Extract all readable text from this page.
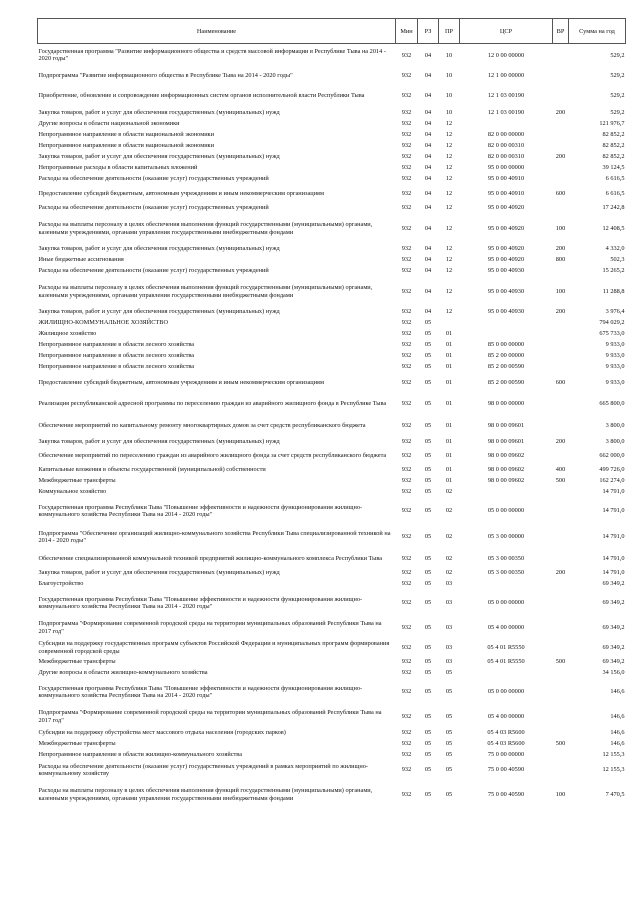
Наименование	Мин	РЗ	ПР	ЦСР	ВР	Сумма на год
Государственная программа "Развитие информационного общества и средств массовой информации в Республике Тыва на 2014 - 2020 годы"	932	04	10	12 0 00 00000		529,2
Подпрограмма "Развитие информационного общества в Республике Тыва на 2014 - 2020 годы"	932	04	10	12 1 00 00000		529,2
Приобретение, обновление и сопровождение информационных систем органов исполнительной власти Республики Тыва	932	04	10	12 1 03 00190		529,2
Закупка товаров, работ и услуг для обеспечения государственных (муниципальных) нужд	932	04	10	12 1 03 00190	200	529,2
Другие вопросы в области национальной экономики	932	04	12			121 976,7
Непрограммное направление в области национальной экономики	932	04	12	82 0 00 00000		82 852,2
Непрограммное направление в области национальной экономики	932	04	12	82 0 00 00310		82 852,2
Закупка товаров, работ и услуг для обеспечения государственных (муниципальных) нужд	932	04	12	82 0 00 00310	200	82 852,2
Непрограммные расходы в области капитальных вложений	932	04	12	95 0 00 00000		39 124,5
Расходы на обеспечение деятельности (оказание услуг) государственных учреждений	932	04	12	95 0 00 40910		6 616,5
Предоставление субсидий бюджетным, автономным учреждениям и иным некоммерческим организациям	932	04	12	95 0 00 40910	600	6 616,5
Расходы на обеспечение деятельности (оказание услуг) государственных учреждений	932	04	12	95 0 00 40920		17 242,8
Расходы на выплаты персоналу в целях обеспечения выполнения функций государственными (муниципальными) органами, казенными учреждениями, органами управления государственными внебюджетными фондами	932	04	12	95 0 00 40920	100	12 408,5
Закупка товаров, работ и услуг для обеспечения государственных (муниципальных) нужд	932	04	12	95 0 00 40920	200	4 332,0
Иные бюджетные ассигнования	932	04	12	95 0 00 40920	800	502,3
Расходы на обеспечение деятельности (оказание услуг) государственных учреждений	932	04	12	95 0 00 40930		15 265,2
Расходы на выплаты персоналу в целях обеспечения выполнения функций государственными (муниципальными) органами, казенными учреждениями, органами управления государственными внебюджетными фондами	932	04	12	95 0 00 40930	100	11 288,8
Закупка товаров, работ и услуг для обеспечения государственных (муниципальных) нужд	932	04	12	95 0 00 40930	200	3 976,4
ЖИЛИЩНО-КОММУНАЛЬНОЕ ХОЗЯЙСТВО	932	05				794 029,2
Жилищное хозяйство	932	05	01			675 733,0
Непрограммное направление в области лесного хозяйства	932	05	01	85 0 00 00000		9 933,0
Непрограммное направление в области лесного хозяйства	932	05	01	85 2 00 00000		9 933,0
Непрограммное направление в области лесного хозяйства	932	05	01	85 2 00 00590		9 933,0
Предоставление субсидий бюджетным, автономным учреждениям и иным некоммерческим организациям	932	05	01	85 2 00 00590	600	9 933,0
Реализация республиканской адресной программы по переселению граждан из аварийного жилищного фонда в Республике Тыва	932	05	01	98 0 00 00000		665 800,0
Обеспечение мероприятий по капитальному ремонту многоквартирных домов за счет средств республиканского бюджета	932	05	01	98 0 00 09601		3 800,0
Закупка товаров, работ и услуг для обеспечения государственных (муниципальных) нужд	932	05	01	98 0 00 09601	200	3 800,0
Обеспечение мероприятий по переселению граждан из аварийного жилищного фонда за счет средств республиканского бюджета	932	05	01	98 0 00 09602		662 000,0
Капитальные вложения в объекты государственной (муниципальной) собственности	932	05	01	98 0 00 09602	400	499 726,0
Межбюджетные трансферты	932	05	01	98 0 00 09602	500	162 274,0
Коммунальное хозяйство	932	05	02			14 791,0
Государственная программа Республики Тыва "Повышение эффективности и надежности функционирования жилищно-коммунального хозяйства Республики Тыва на 2014 - 2020 годы"	932	05	02	05 0 00 00000		14 791,0
Подпрограмма "Обеспечение организаций жилищно-коммунального хозяйства Республики Тыва специализированной техникой на 2014 - 2020 годы"	932	05	02	05 3 00 00000		14 791,0
Обеспечение специализированной коммунальной техникой предприятий жилищно-коммунального комплекса Республики Тыва	932	05	02	05 3 00 00350		14 791,0
Закупка товаров, работ и услуг для обеспечения государственных (муниципальных) нужд	932	05	02	05 3 00 00350	200	14 791,0
Благоустройство	932	05	03			69 349,2
Государственная программа Республики Тыва "Повышение эффективности и надежности функционирования жилищно-коммунального хозяйства Республики Тыва на 2014 - 2020 годы"	932	05	03	05 0 00 00000		69 349,2
Подпрограмма "Формирование современной городской среды на территории муниципальных образований Республики Тыва на 2017 год"	932	05	03	05 4 00 00000		69 349,2
Субсидии на поддержку государственных программ субъектов Российской Федерации и муниципальных программ формирования современной городской среды	932	05	03	05 4 01 R5550		69 349,2
Межбюджетные трансферты	932	05	03	05 4 01 R5550	500	69 349,2
Другие вопросы в области жилищно-коммунального хозяйства	932	05	05			34 156,0
Государственная программа Республики Тыва "Повышение эффективности и надежности функционирования жилищно-коммунального хозяйства Республики Тыва на 2014 - 2020 годы"	932	05	05	05 0 00 00000		146,6
Подпрограмма "Формирование современной городской среды на территории муниципальных образований Республики Тыва на 2017 год"	932	05	05	05 4 00 00000		146,6
Субсидии на поддержку обустройства мест массового отдыха населения (городских парков)	932	05	05	05 4 03 R5600		146,6
Межбюджетные трансферты	932	05	05	05 4 03 R5600	500	146,6
Непрограммное направление в области жилищно-коммунального хозяйства	932	05	05	75 0 00 00000		12 155,3
Расходы на обеспечение деятельности (оказание услуг) государственных учреждений в рамках мероприятий по жилищно-коммунальному хозяйству	932	05	05	75 0 00 40590		12 155,3
Расходы на выплаты персоналу в целях обеспечения выполнения функций государственными (муниципальными) органами, казенными учреждениями, органами управления государственными внебюджетными фондами	932	05	05	75 0 00 40590	100	7 470,5
